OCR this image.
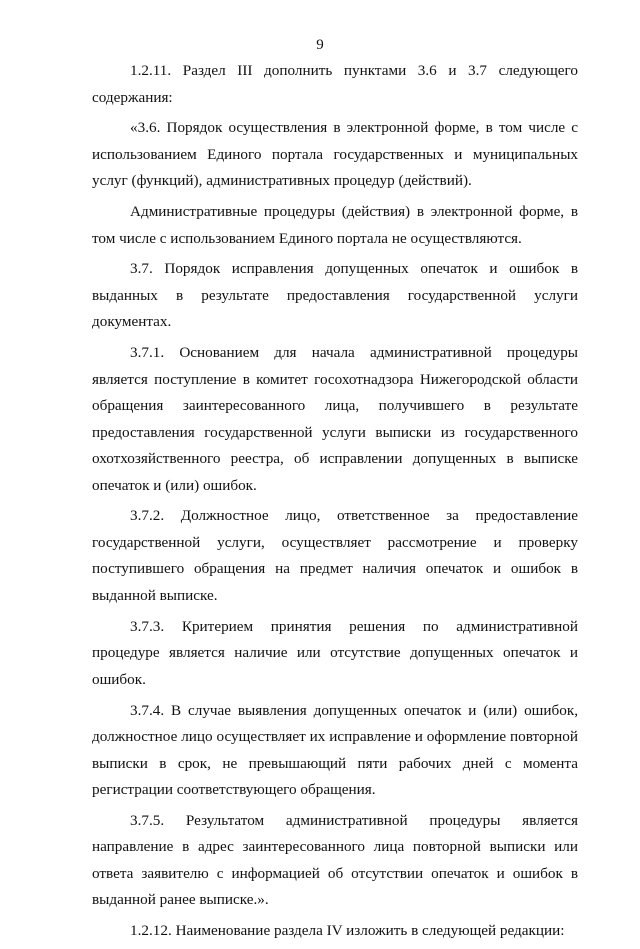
9

1.2.11. Раздел III дополнить пунктами 3.6 и 3.7 следующего содержания:

«3.6. Порядок осуществления в электронной форме, в том числе с использованием Единого портала государственных и муниципальных услуг (функций), административных процедур (действий).

Административные процедуры (действия) в электронной форме, в том числе с использованием Единого портала не осуществляются.

3.7. Порядок исправления допущенных опечаток и ошибок в выданных в результате предоставления государственной услуги документах.

3.7.1. Основанием для начала административной процедуры является поступление в комитет госохотнадзора Нижегородской области обращения заинтересованного лица, получившего в результате предоставления государственной услуги выписки из государственного охотхозяйственного реестра, об исправлении допущенных в выписке опечаток и (или) ошибок.

3.7.2. Должностное лицо, ответственное за предоставление государственной услуги, осуществляет рассмотрение и проверку поступившего обращения на предмет наличия опечаток и ошибок в выданной выписке.

3.7.3. Критерием принятия решения по административной процедуре является наличие или отсутствие допущенных опечаток и ошибок.

3.7.4. В случае выявления допущенных опечаток и (или) ошибок, должностное лицо осуществляет их исправление и оформление повторной выписки в срок, не превышающий пяти рабочих дней с момента регистрации соответствующего обращения.

3.7.5. Результатом административной процедуры является направление в адрес заинтересованного лица повторной выписки или ответа заявителю с информацией об отсутствии опечаток и ошибок в выданной ранее выписке.».

1.2.12. Наименование раздела IV изложить в следующей редакции:
